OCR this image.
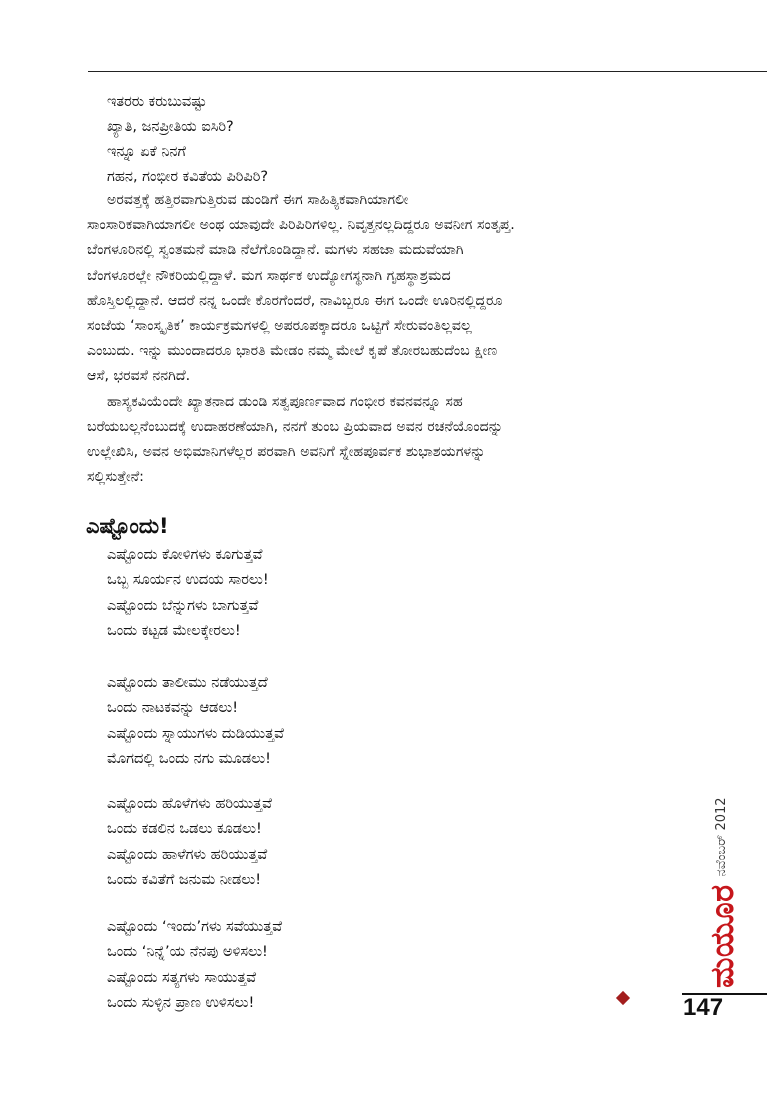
ಇತರರು ಕರುಬುವಷ್ಟು
ಖ್ಯಾತಿ, ಜನಪ್ರೀತಿಯ ಐಸಿರಿ?
ಇನ್ನೂ ಏಕೆ ನಿನಗೆ
ಗಹನ, ಗಂಭೀರ ಕವಿತೆಯ ಪಿರಿಪಿರಿ?
ಅರವತ್ತಕ್ಕೆ ಹತ್ತಿರವಾಗುತ್ತಿರುವ ಡುಂಡಿಗೆ ಈಗ ಸಾಹಿತ್ಯಿಕವಾಗಿಯಾಗಲೀ
ಸಾಂಸಾರಿಕವಾಗಿಯಾಗಲೀ ಅಂಥ ಯಾವುದೇ ಪಿರಿಪಿರಿಗಳಿಲ್ಲ. ನಿವೃತ್ತನಲ್ಲದಿದ್ದರೂ ಅವನೀಗ ಸಂತೃಪ್ತ.
ಬೆಂಗಳೂರಿನಲ್ಲಿ ಸ್ವಂತಮನೆ ಮಾಡಿ ನೆಲೆಗೊಂಡಿದ್ದಾನೆ. ಮಗಳು ಸಹಜಾ ಮದುವೆಯಾಗಿ
ಬೆಂಗಳೂರಲ್ಲೇ ನೌಕರಿಯಲ್ಲಿದ್ದಾಳೆ. ಮಗ ಸಾರ್ಥಕ ಉದ್ಯೋಗಸ್ಥನಾಗಿ ಗೃಹಸ್ಥಾಶ್ರಮದ
ಹೊಸ್ತಿಲಲ್ಲಿದ್ದಾನೆ. ಆದರೆ ನನ್ನ ಒಂದೇ ಕೊರಗೆಂದರೆ, ನಾವಿಬ್ಬರೂ ಈಗ ಒಂದೇ ಊರಿನಲ್ಲಿದ್ದರೂ
ಸಂಜೆಯ ‘ಸಾಂಸ್ಕೃತಿಕ’ ಕಾರ್ಯಕ್ರಮಗಳಲ್ಲಿ ಅಪರೂಪಕ್ಕಾದರೂ ಒಟ್ಟಿಗೆ ಸೇರುವಂತಿಲ್ಲವಲ್ಲ
ಎಂಬುದು. ಇನ್ನು ಮುಂದಾದರೂ ಭಾರತಿ ಮೇಡಂ ನಮ್ಮ ಮೇಲೆ ಕೃಪೆ ತೋರಬಹುದೆಂಬ ಕ್ಷೀಣ
ಆಸೆ, ಭರವಸೆ ನನಗಿದೆ.
ಹಾಸ್ಯಕವಿಯೆಂದೇ ಖ್ಯಾತನಾದ ಡುಂಡಿ ಸತ್ವಪೂರ್ಣವಾದ ಗಂಭೀರ ಕವನವನ್ನೂ ಸಹ
ಬರೆಯಬಲ್ಲನೆಂಬುದಕ್ಕೆ ಉದಾಹರಣೆಯಾಗಿ, ನನಗೆ ತುಂಬ ಪ್ರಿಯವಾದ ಅವನ ರಚನೆಯೊಂದನ್ನು
ಉಲ್ಲೇಖಿಸಿ, ಅವನ ಅಭಿಮಾನಿಗಳೆಲ್ಲರ ಪರವಾಗಿ ಅವನಿಗೆ ಸ್ನೇಹಪೂರ್ವಕ ಶುಭಾಶಯಗಳನ್ನು
ಸಲ್ಲಿಸುತ್ತೇನೆ:
ಎಷ್ಟೊಂದು!
ಎಷ್ಟೊಂದು ಕೋಳಿಗಳು ಕೂಗುತ್ತವೆ
ಒಬ್ಬ ಸೂರ್ಯನ ಉದಯ ಸಾರಲು!
ಎಷ್ಟೊಂದು ಬೆನ್ನುಗಳು ಬಾಗುತ್ತವೆ
ಒಂದು ಕಟ್ಟಡ ಮೇಲಕ್ಕೇರಲು!
ಎಷ್ಟೊಂದು ತಾಲೀಮು ನಡೆಯುತ್ತದೆ
ಒಂದು ನಾಟಕವನ್ನು ಆಡಲು!
ಎಷ್ಟೊಂದು ಸ್ನಾಯುಗಳು ದುಡಿಯುತ್ತವೆ
ಮೊಗದಲ್ಲಿ ಒಂದು ನಗು ಮೂಡಲು!
ಎಷ್ಟೊಂದು ಹೊಳೆಗಳು ಹರಿಯುತ್ತವೆ
ಒಂದು ಕಡಲಿನ ಒಡಲು ಕೂಡಲು!
ಎಷ್ಟೊಂದು ಹಾಳೆಗಳು ಹರಿಯುತ್ತವೆ
ಒಂದು ಕವಿತೆಗೆ ಜನುಮ ನೀಡಲು!
ಎಷ್ಟೊಂದು ‘ಇಂದು’ಗಳು ಸವೆಯುತ್ತವೆ
ಒಂದು ‘ನಿನ್ನೆ’ಯ ನೆನಪು ಅಳಿಸಲು!
ಎಷ್ಟೊಂದು ಸತ್ಯಗಳು ಸಾಯುತ್ತವೆ
ಒಂದು ಸುಳ್ಳಿನ ಪ್ರಾಣ ಉಳಿಸಲು!
ಮಯೂರ
ನವೆಂಬರ್ 2012
147
